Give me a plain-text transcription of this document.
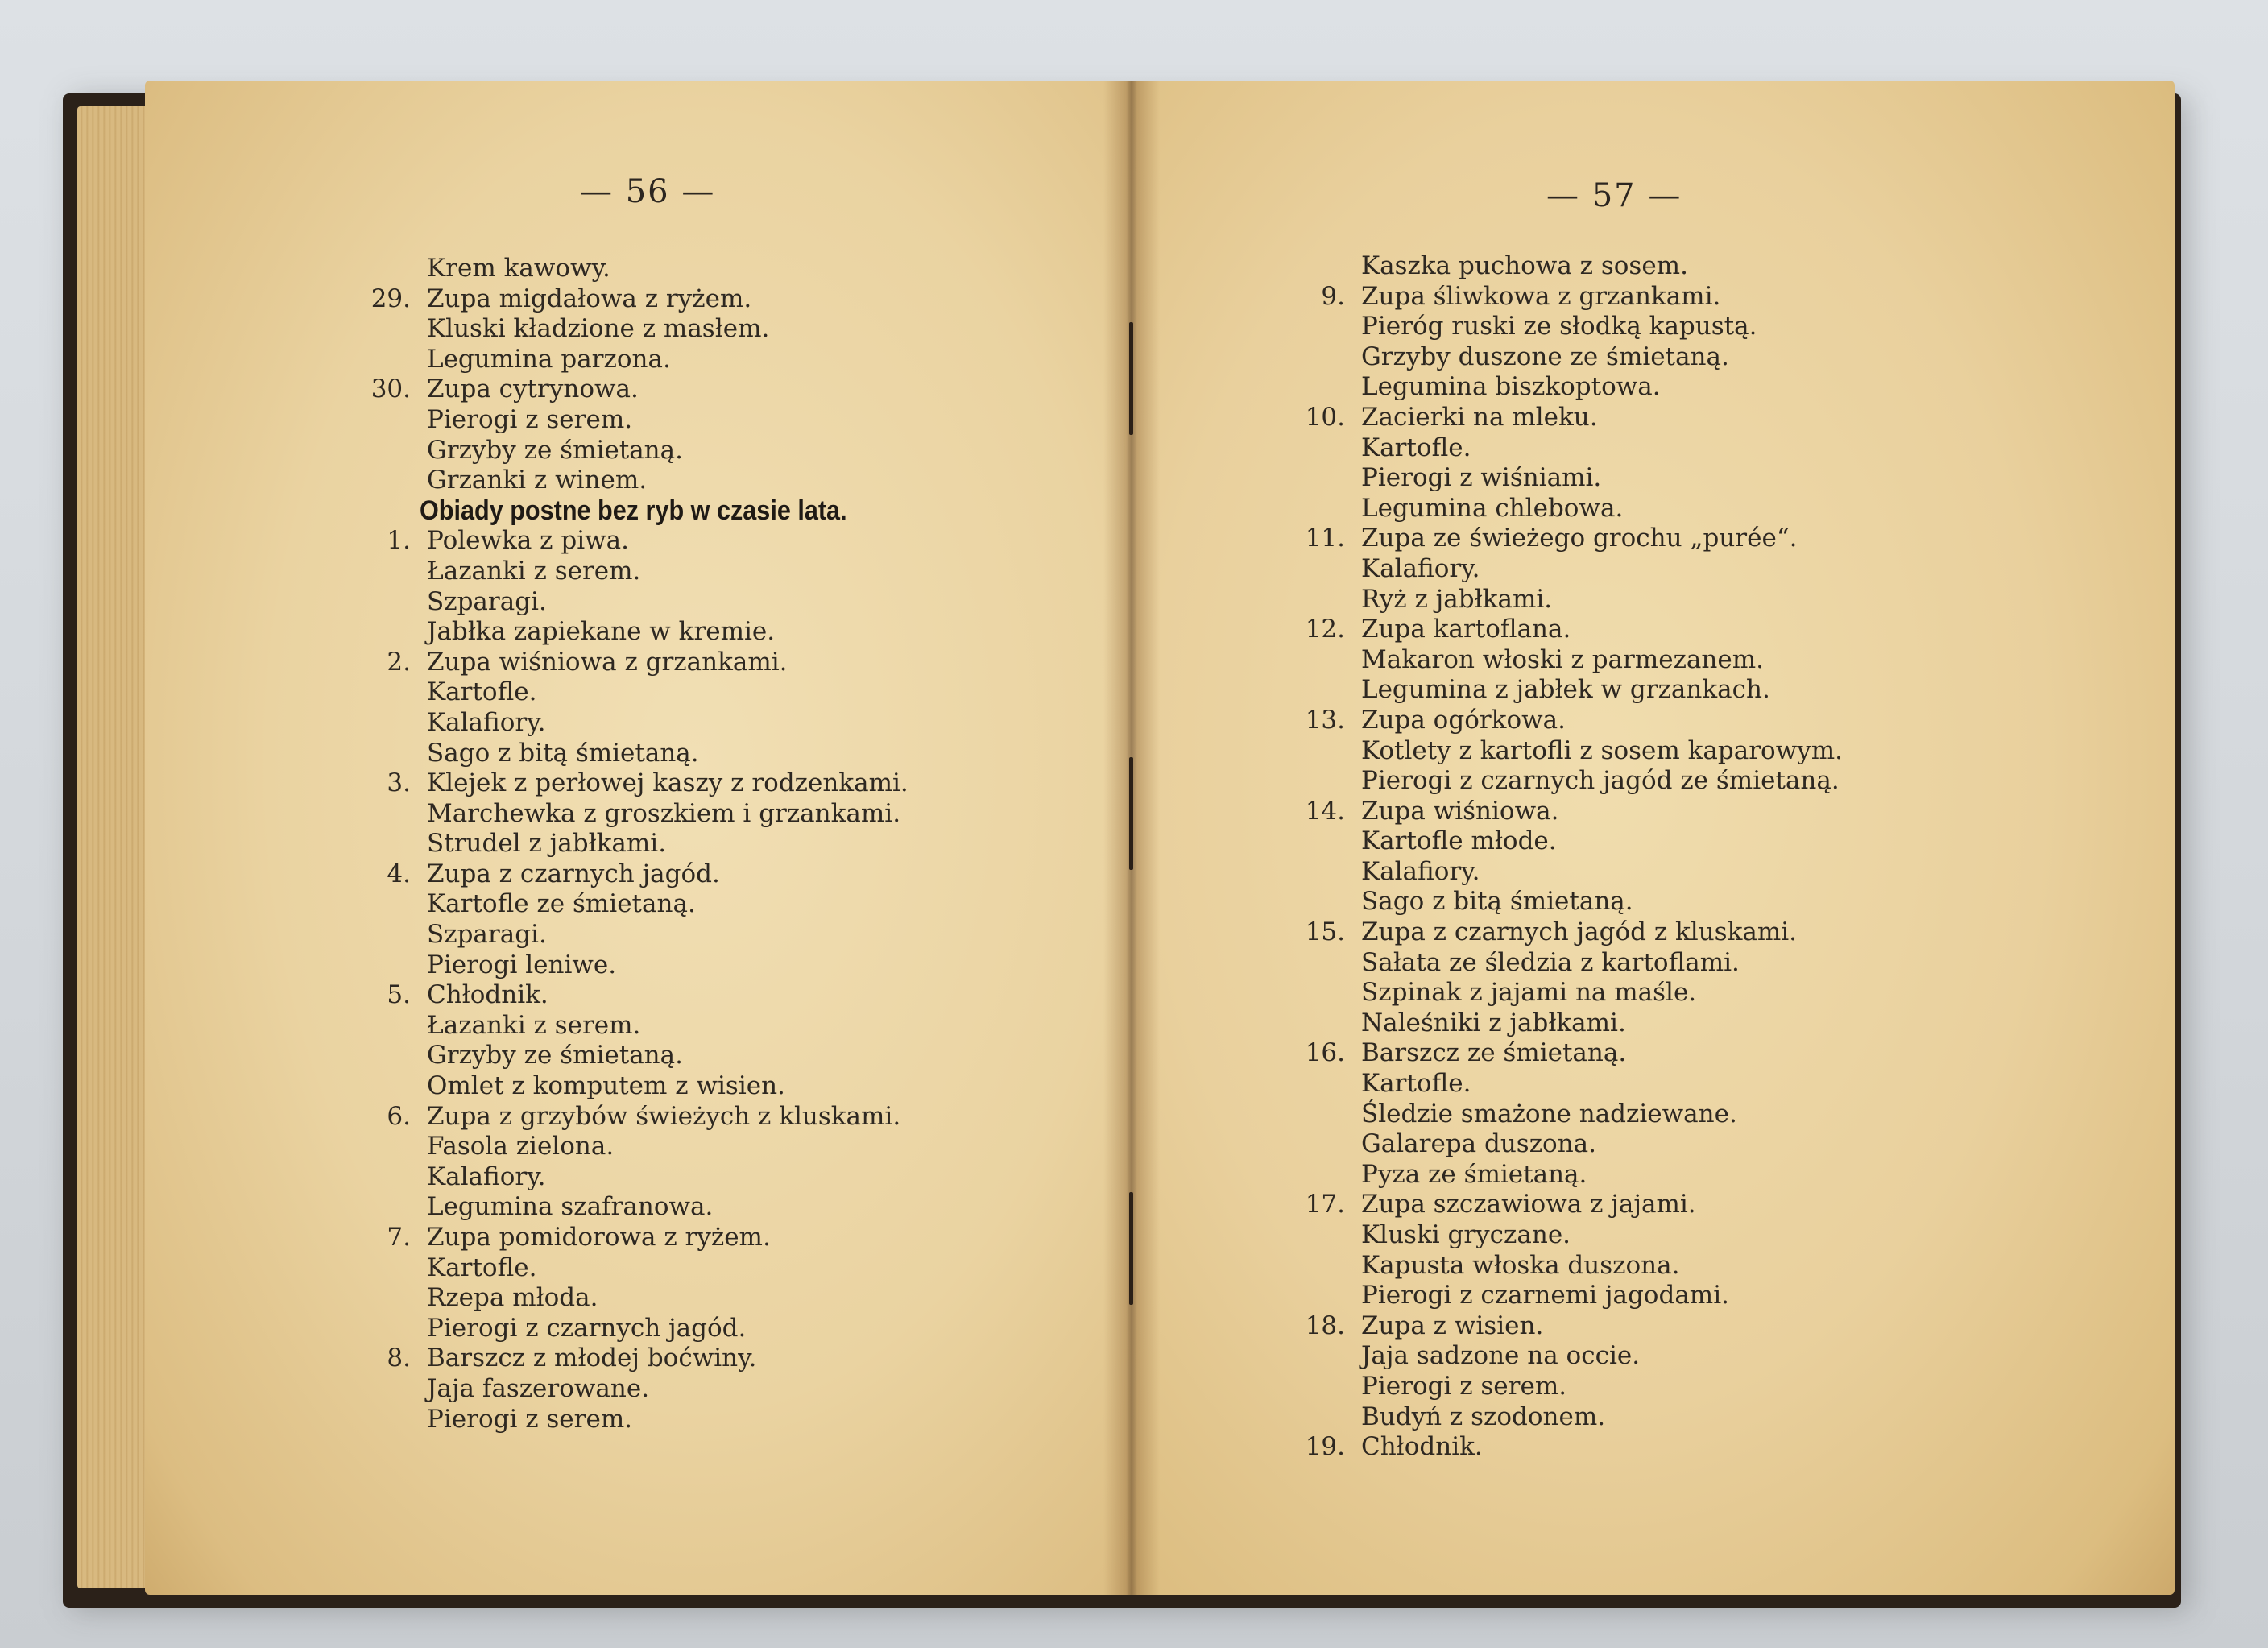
— 56 —
Krem kawowy.
29. Zupa migdałowa z ryżem.
Kluski kładzione z masłem.
Legumina parzona.
30. Zupa cytrynowa.
Pierogi z serem.
Grzyby ze śmietaną.
Grzanki z winem.
Obiady postne bez ryb w czasie lata.
1. Polewka z piwa.
Łazanki z serem.
Szparagi.
Jabłka zapiekane w kremie.
2. Zupa wiśniowa z grzankami.
Kartofle.
Kalafiory.
Sago z bitą śmietaną.
3. Klejek z perłowej kaszy z rodzenkami.
Marchewka z groszkiem i grzankami.
Strudel z jabłkami.
4. Zupa z czarnych jagód.
Kartofle ze śmietaną.
Szparagi.
Pierogi leniwe.
5. Chłodnik.
Łazanki z serem.
Grzyby ze śmietaną.
Omlet z komputem z wisien.
6. Zupa z grzybów świeżych z kluskami.
Fasola zielona.
Kalafiory.
Legumina szafranowa.
7. Zupa pomidorowa z ryżem.
Kartofle.
Rzepa młoda.
Pierogi z czarnych jagód.
8. Barszcz z młodej boćwiny.
Jaja faszerowane.
Pierogi z serem.
— 57 —
Kaszka puchowa z sosem.
9. Zupa śliwkowa z grzankami.
Pieróg ruski ze słodką kapustą.
Grzyby duszone ze śmietaną.
Legumina biszkoptowa.
10. Zacierki na mleku.
Kartofle.
Pierogi z wiśniami.
Legumina chlebowa.
11. Zupa ze świeżego grochu „purée“.
Kalafiory.
Ryż z jabłkami.
12. Zupa kartoflana.
Makaron włoski z parmezanem.
Legumina z jabłek w grzankach.
13. Zupa ogórkowa.
Kotlety z kartofli z sosem kaparowym.
Pierogi z czarnych jagód ze śmietaną.
14. Zupa wiśniowa.
Kartofle młode.
Kalafiory.
Sago z bitą śmietaną.
15. Zupa z czarnych jagód z kluskami.
Sałata ze śledzia z kartoflami.
Szpinak z jajami na maśle.
Naleśniki z jabłkami.
16. Barszcz ze śmietaną.
Kartofle.
Śledzie smażone nadziewane.
Galarepa duszona.
Pyza ze śmietaną.
17. Zupa szczawiowa z jajami.
Kluski gryczane.
Kapusta włoska duszona.
Pierogi z czarnemi jagodami.
18. Zupa z wisien.
Jaja sadzone na occie.
Pierogi z serem.
Budyń z szodonem.
19. Chłodnik.
